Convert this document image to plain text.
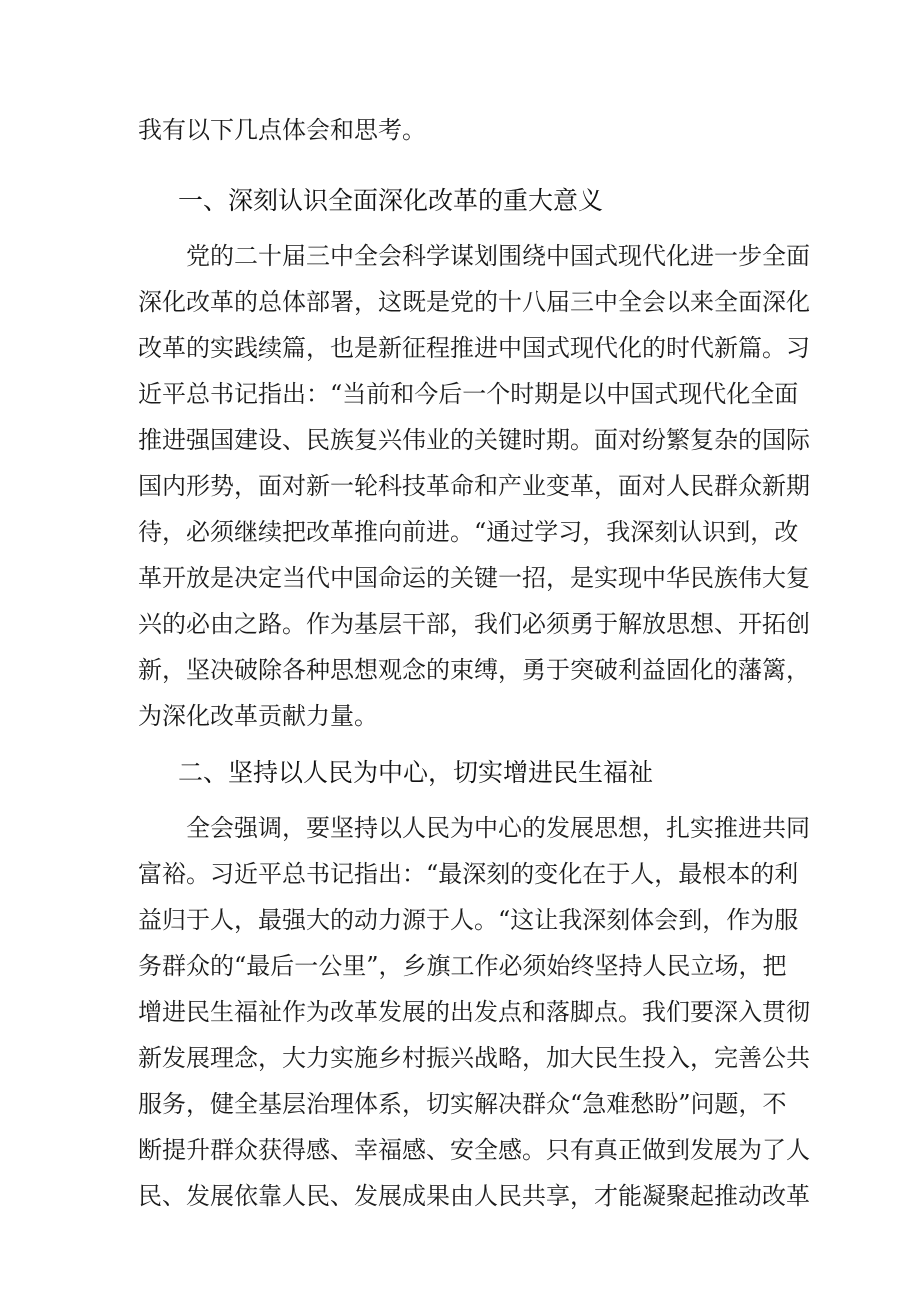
我有以下几点体会和思考。
一、深刻认识全面深化改革的重大意义
党的二十届三中全会科学谋划围绕中国式现代化进一步全面
深化改革的总体部署，这既是党的十八届三中全会以来全面深化
改革的实践续篇，也是新征程推进中国式现代化的时代新篇。习
近平总书记指出：“当前和今后一个时期是以中国式现代化全面
推进强国建设、民族复兴伟业的关键时期。面对纷繁复杂的国际
国内形势，面对新一轮科技革命和产业变革，面对人民群众新期
待，必须继续把改革推向前进。“通过学习，我深刻认识到，改
革开放是决定当代中国命运的关键一招，是实现中华民族伟大复
兴的必由之路。作为基层干部，我们必须勇于解放思想、开拓创
新，坚决破除各种思想观念的束缚，勇于突破利益固化的藩篱，
为深化改革贡献力量。
二、坚持以人民为中心，切实增进民生福祉
全会强调，要坚持以人民为中心的发展思想，扎实推进共同
富裕。习近平总书记指出：“最深刻的变化在于人，最根本的利
益归于人，最强大的动力源于人。“这让我深刻体会到，作为服
务群众的“最后一公里”，乡旗工作必须始终坚持人民立场，把
增进民生福祉作为改革发展的出发点和落脚点。我们要深入贯彻
新发展理念，大力实施乡村振兴战略，加大民生投入，完善公共
服务，健全基层治理体系，切实解决群众“急难愁盼”问题，不
断提升群众获得感、幸福感、安全感。只有真正做到发展为了人
民、发展依靠人民、发展成果由人民共享，才能凝聚起推动改革
